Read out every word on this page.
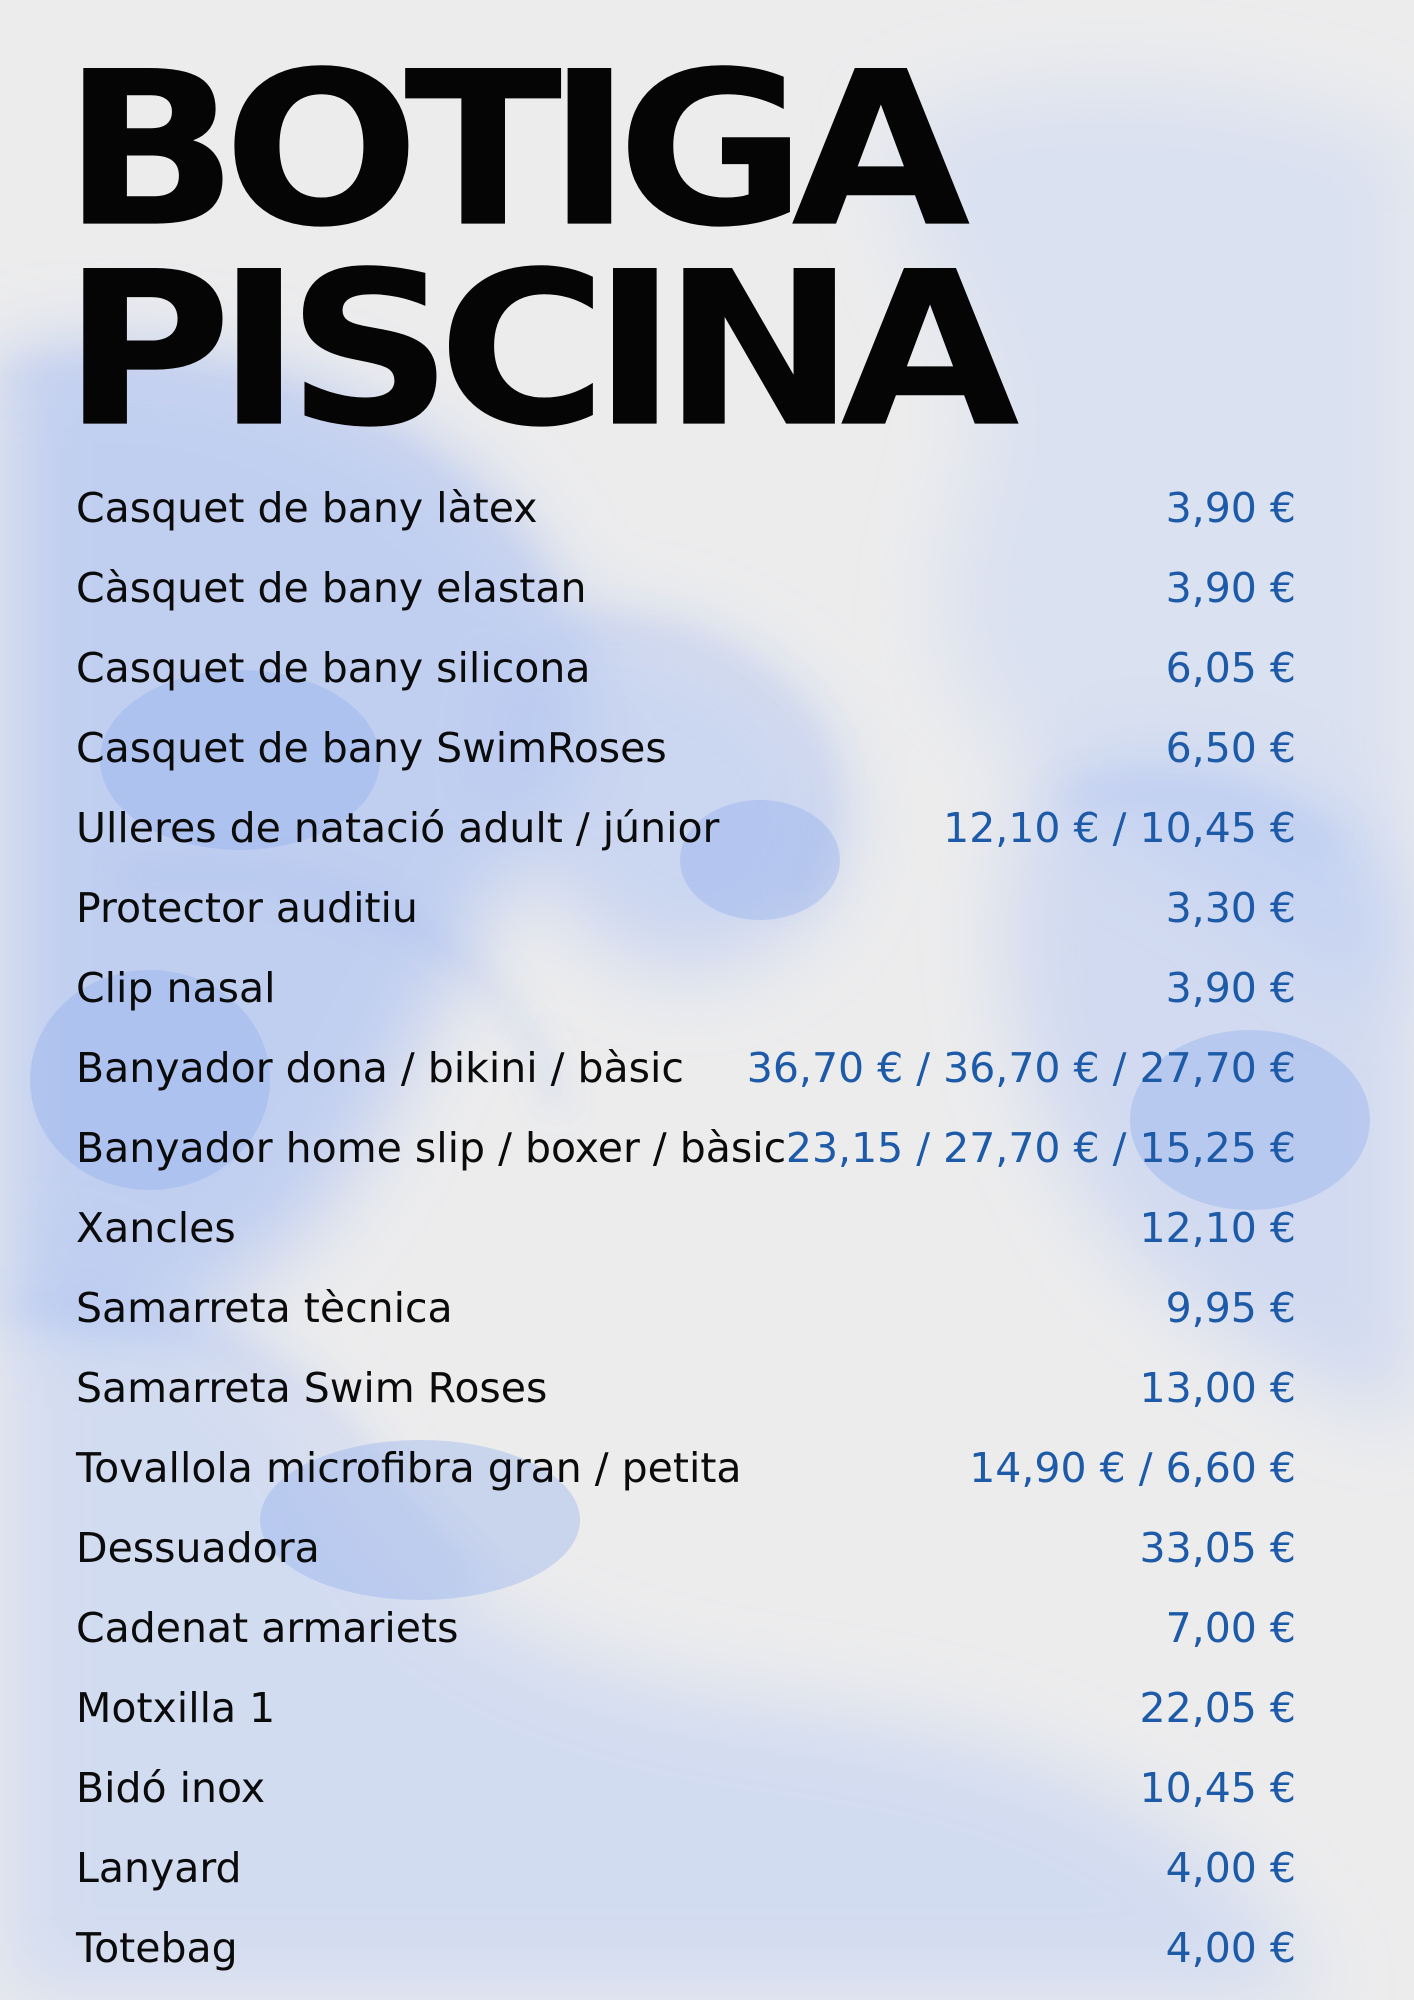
BOTIGA
PISCINA
Casquet de bany làtex	3,90 €
Càsquet de bany elastan	3,90 €
Casquet de bany silicona	6,05 €
Casquet de bany SwimRoses	6,50 €
Ulleres de natació adult / júnior	12,10 € / 10,45 €
Protector auditiu	3,30 €
Clip nasal	3,90 €
Banyador dona / bikini / bàsic 36,70 € / 36,70 € / 27,70 €
Banyador home slip / boxer / bàsic 23,15 / 27,70 € / 15,25 €
Xancles	12,10 €
Samarreta tècnica	9,95 €
Samarreta Swim Roses	13,00 €
Tovallola microfibra gran / petita	14,90 € / 6,60 €
Dessuadora	33,05 €
Cadenat armariets	7,00 €
Motxilla 1	22,05 €
Bidó inox	10,45 €
Lanyard	4,00 €
Totebag	4,00 €
